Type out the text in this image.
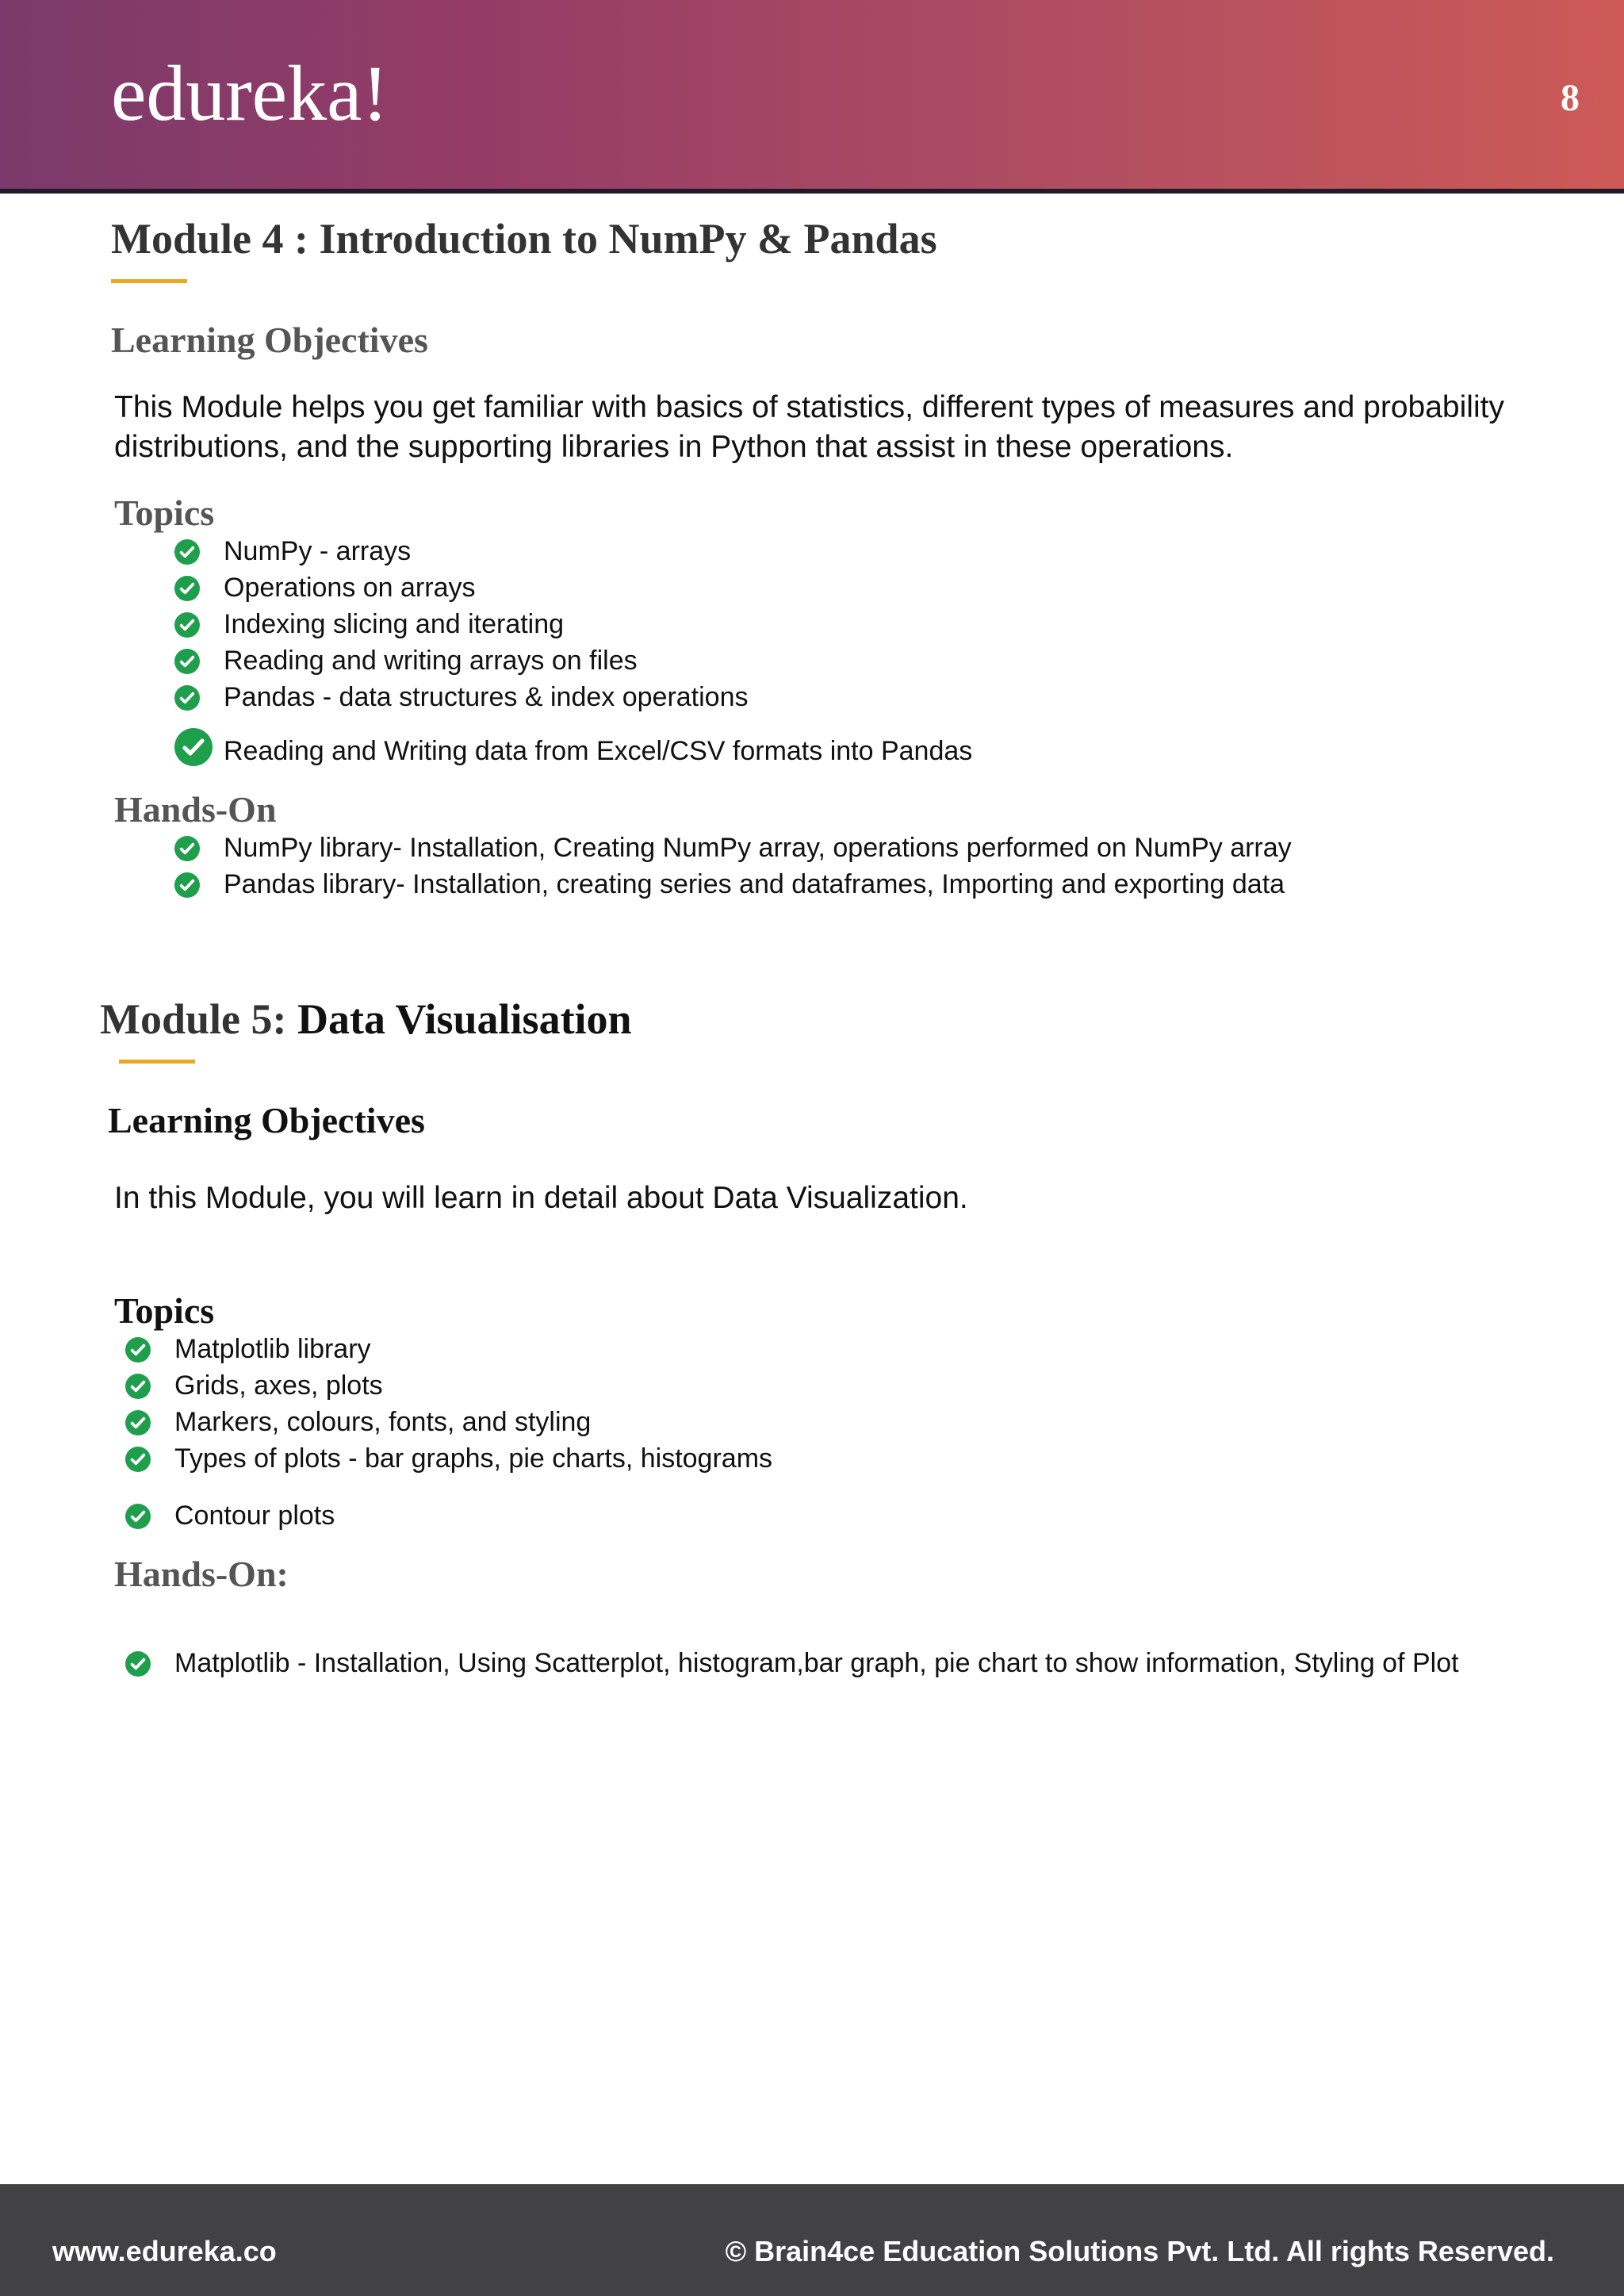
edureka!	8
Module 4 : Introduction to NumPy & Pandas
Learning Objectives

This Module helps you get familiar with basics of statistics, different types of measures and probability distributions, and the supporting libraries in Python that assist in these operations.

Topics
NumPy - arrays
Operations on arrays
Indexing slicing and iterating
Reading and writing arrays on files
Pandas - data structures & index operations
Reading and Writing data from Excel/CSV formats into Pandas
Hands-On
NumPy library- Installation, Creating NumPy array, operations performed on NumPy array
Pandas library- Installation, creating series and dataframes, Importing and exporting data
Module 5: Data Visualisation
Learning Objectives

In this Module, you will learn in detail about Data Visualization.

Topics
Matplotlib library
Grids, axes, plots
Markers, colours, fonts, and styling
Types of plots - bar graphs, pie charts, histograms
Contour plots
Hands-On:
Matplotlib - Installation, Using Scatterplot, histogram,bar graph, pie chart to show information, Styling of Plot
www.edureka.co	© Brain4ce Education Solutions Pvt. Ltd. All rights Reserved.
